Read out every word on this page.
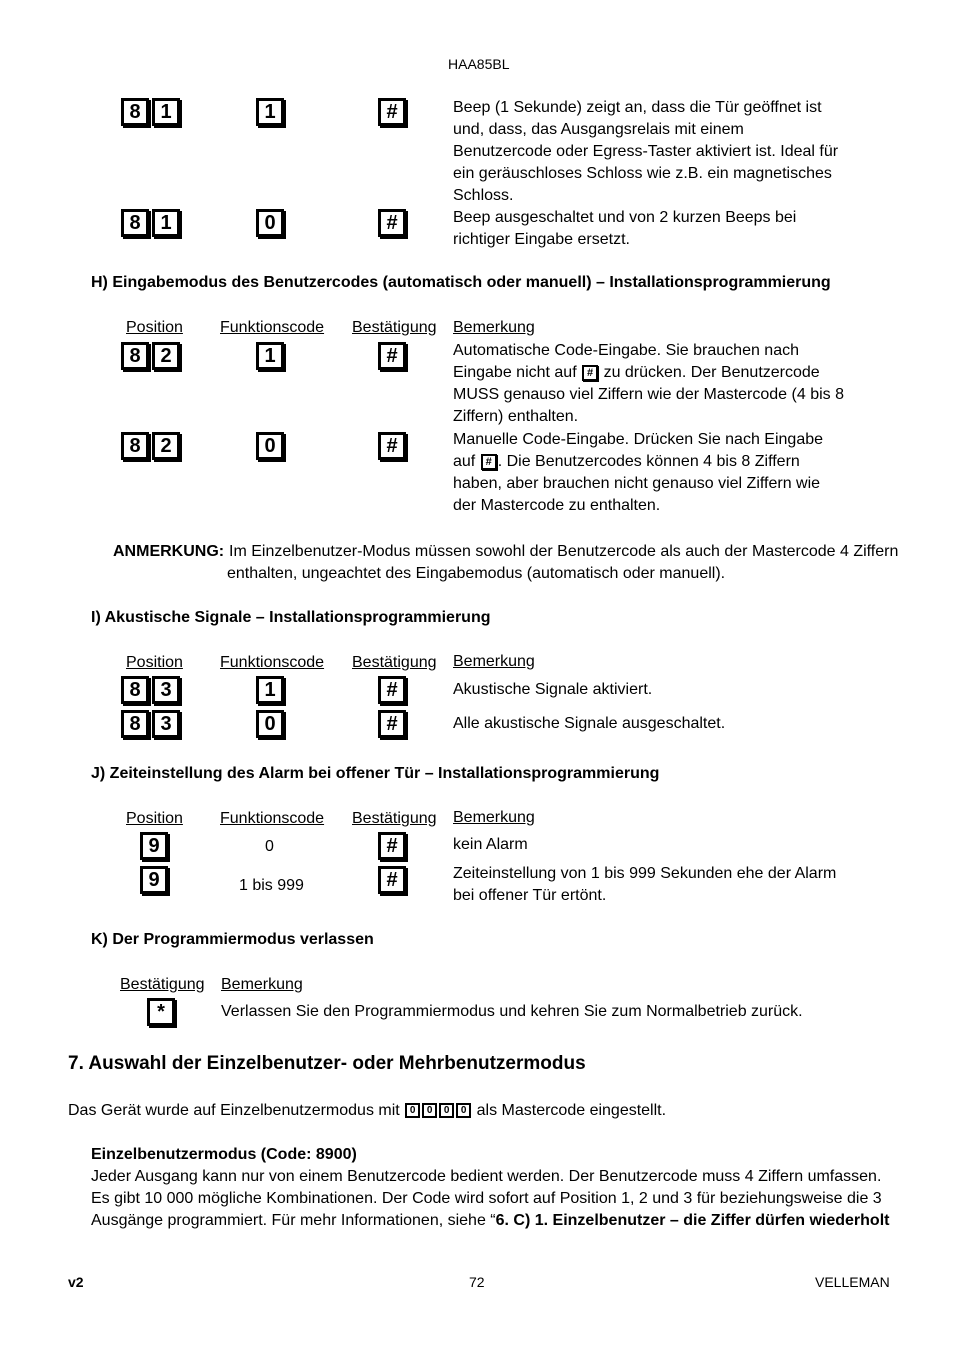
HAA85BL
8 1	1	#	Beep (1 Sekunde) zeigt an, dass die Tür geöffnet ist
und, dass, das Ausgangsrelais mit einem
Benutzercode oder Egress-Taster aktiviert ist. Ideal für
ein geräuschloses Schloss wie z.B. ein magnetisches
Schloss.
8 1	0	#	Beep ausgeschaltet und von 2 kurzen Beeps bei
richtiger Eingabe ersetzt.
H) Eingabemodus des Benutzercodes (automatisch oder manuell) – Installationsprogrammierung
Position Funktionscode Bestätigung Bemerkung
8 2	1	#	Automatische Code-Eingabe. Sie brauchen nach
Eingabe nicht auf # zu drücken. Der Benutzercode
MUSS genauso viel Ziffern wie der Mastercode (4 bis 8
Ziffern) enthalten.
8 2	0	#	Manuelle Code-Eingabe. Drücken Sie nach Eingabe
auf # . Die Benutzercodes können 4 bis 8 Ziffern
haben, aber brauchen nicht genauso viel Ziffern wie
der Mastercode zu enthalten.
ANMERKUNG: Im Einzelbenutzer-Modus müssen sowohl der Benutzercode als auch der Mastercode 4 Ziffern
enthalten, ungeachtet des Eingabemodus (automatisch oder manuell).
I) Akustische Signale – Installationsprogrammierung
Position Funktionscode Bestätigung Bemerkung
8 3	1	#	Akustische Signale aktiviert.
8 3	0	#	Alle akustische Signale ausgeschaltet.
J) Zeiteinstellung des Alarm bei offener Tür – Installationsprogrammierung
Position Funktionscode Bestätigung Bemerkung
9	0	#	kein Alarm
9	1 bis 999	#	Zeiteinstellung von 1 bis 999 Sekunden ehe der Alarm
bei offener Tür ertönt.
K) Der Programmiermodus verlassen
Bestätigung Bemerkung
*	Verlassen Sie den Programmiermodus und kehren Sie zum Normalbetrieb zurück.
7. Auswahl der Einzelbenutzer- oder Mehrbenutzermodus
Das Gerät wurde auf Einzelbenutzermodus mit 0 0 0 0 als Mastercode eingestellt.
Einzelbenutzermodus (Code: 8900)
Jeder Ausgang kann nur von einem Benutzercode bedient werden. Der Benutzercode muss 4 Ziffern umfassen.
Es gibt 10 000 mögliche Kombinationen. Der Code wird sofort auf Position 1, 2 und 3 für beziehungsweise die 3
Ausgänge programmiert. Für mehr Informationen, siehe “6. C) 1. Einzelbenutzer – die Ziffer dürfen wiederholt
v2	72	VELLEMAN
